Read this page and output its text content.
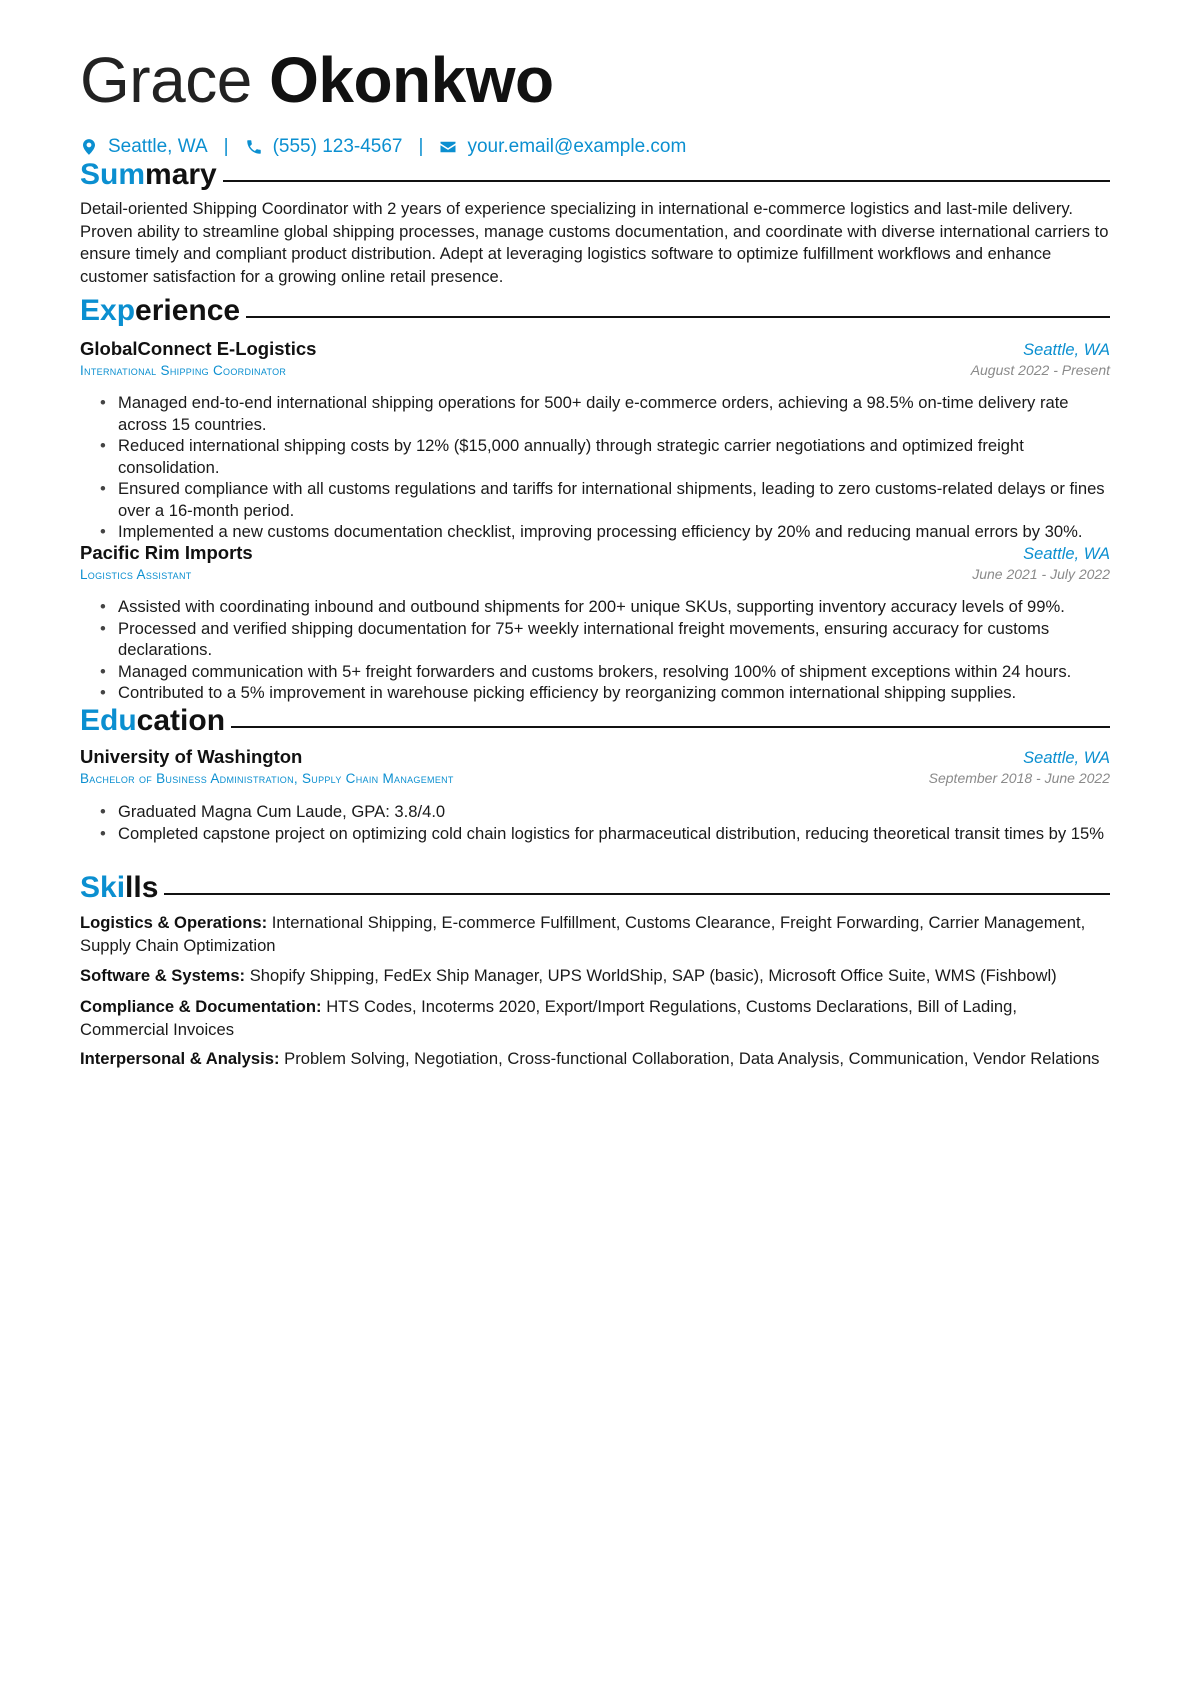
Grace Okonkwo
Seattle, WA | (555) 123-4567 | your.email@example.com
Summary

Detail-oriented Shipping Coordinator with 2 years of experience specializing in international e-commerce logistics and last-mile delivery. Proven ability to streamline global shipping processes, manage customs documentation, and coordinate with diverse international carriers to ensure timely and compliant product distribution. Adept at leveraging logistics software to optimize fulfillment workflows and enhance customer satisfaction for a growing online retail presence.

Experience
GlobalConnect E-Logistics	Seattle, WA
International Shipping Coordinator	August 2022 - Present
• Managed end-to-end international shipping operations for 500+ daily e-commerce orders, achieving a 98.5% on-time delivery rate across 15 countries.
• Reduced international shipping costs by 12% ($15,000 annually) through strategic carrier negotiations and optimized freight consolidation.
• Ensured compliance with all customs regulations and tariffs for international shipments, leading to zero customs-related delays or fines over a 16-month period.
• Implemented a new customs documentation checklist, improving processing efficiency by 20% and reducing manual errors by 30%.
Pacific Rim Imports	Seattle, WA
Logistics Assistant	June 2021 - July 2022
• Assisted with coordinating inbound and outbound shipments for 200+ unique SKUs, supporting inventory accuracy levels of 99%.
• Processed and verified shipping documentation for 75+ weekly international freight movements, ensuring accuracy for customs declarations.
• Managed communication with 5+ freight forwarders and customs brokers, resolving 100% of shipment exceptions within 24 hours.
• Contributed to a 5% improvement in warehouse picking efficiency by reorganizing common international shipping supplies.
Education
University of Washington	Seattle, WA
Bachelor of Business Administration, Supply Chain Management	September 2018 - June 2022
• Graduated Magna Cum Laude, GPA: 3.8/4.0
• Completed capstone project on optimizing cold chain logistics for pharmaceutical distribution, reducing theoretical transit times by 15%
Skills

Logistics & Operations: International Shipping, E-commerce Fulfillment, Customs Clearance, Freight Forwarding, Carrier Management, Supply Chain Optimization

Software & Systems: Shopify Shipping, FedEx Ship Manager, UPS WorldShip, SAP (basic), Microsoft Office Suite, WMS (Fishbowl)

Compliance & Documentation: HTS Codes, Incoterms 2020, Export/Import Regulations, Customs Declarations, Bill of Lading, Commercial Invoices

Interpersonal & Analysis: Problem Solving, Negotiation, Cross-functional Collaboration, Data Analysis, Communication, Vendor Relations
